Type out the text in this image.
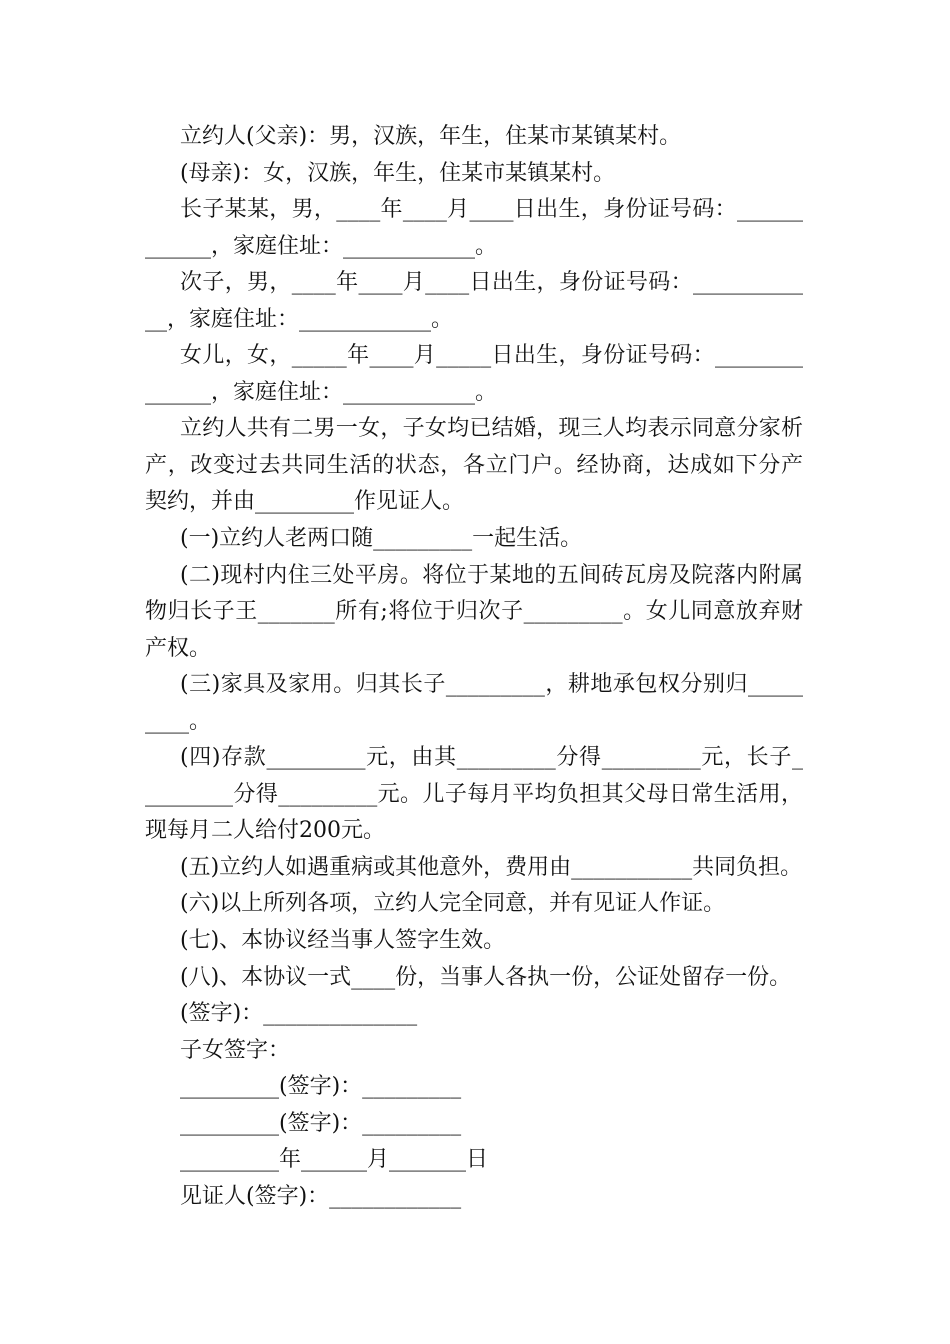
立约人(父亲)：男，汉族，年生，住某市某镇某村。
(母亲)：女，汉族，年生，住某市某镇某村。
长子某某，男，____年____月____日出生，身份证号码：______
______，家庭住址：____________。
次子，男，____年____月____日出生，身份证号码：__________
__，家庭住址：____________。
女儿，女，_____年____月_____日出生，身份证号码：________
______，家庭住址：____________。
立约人共有二男一女，子女均已结婚，现三人均表示同意分家析
产，改变过去共同生活的状态，各立门户。经协商，达成如下分产
契约，并由_________作见证人。
(一)立约人老两口随_________一起生活。
(二)现村内住三处平房。将位于某地的五间砖瓦房及院落内附属
物归长子王_______所有;将位于归次子_________。女儿同意放弃财
产权。
(三)家具及家用。归其长子_________，耕地承包权分别归_____
____。
(四)存款_________元，由其_________分得_________元，长子_
________分得_________元。儿子每月平均负担其父母日常生活用，
现每月二人给付200元。
(五)立约人如遇重病或其他意外，费用由___________共同负担。
(六)以上所列各项，立约人完全同意，并有见证人作证。
(七)、本协议经当事人签字生效。
(八)、本协议一式____份，当事人各执一份，公证处留存一份。
(签字)：______________
子女签字：
_________(签字)：_________
_________(签字)：_________
_________年______月_______日
见证人(签字)：____________
